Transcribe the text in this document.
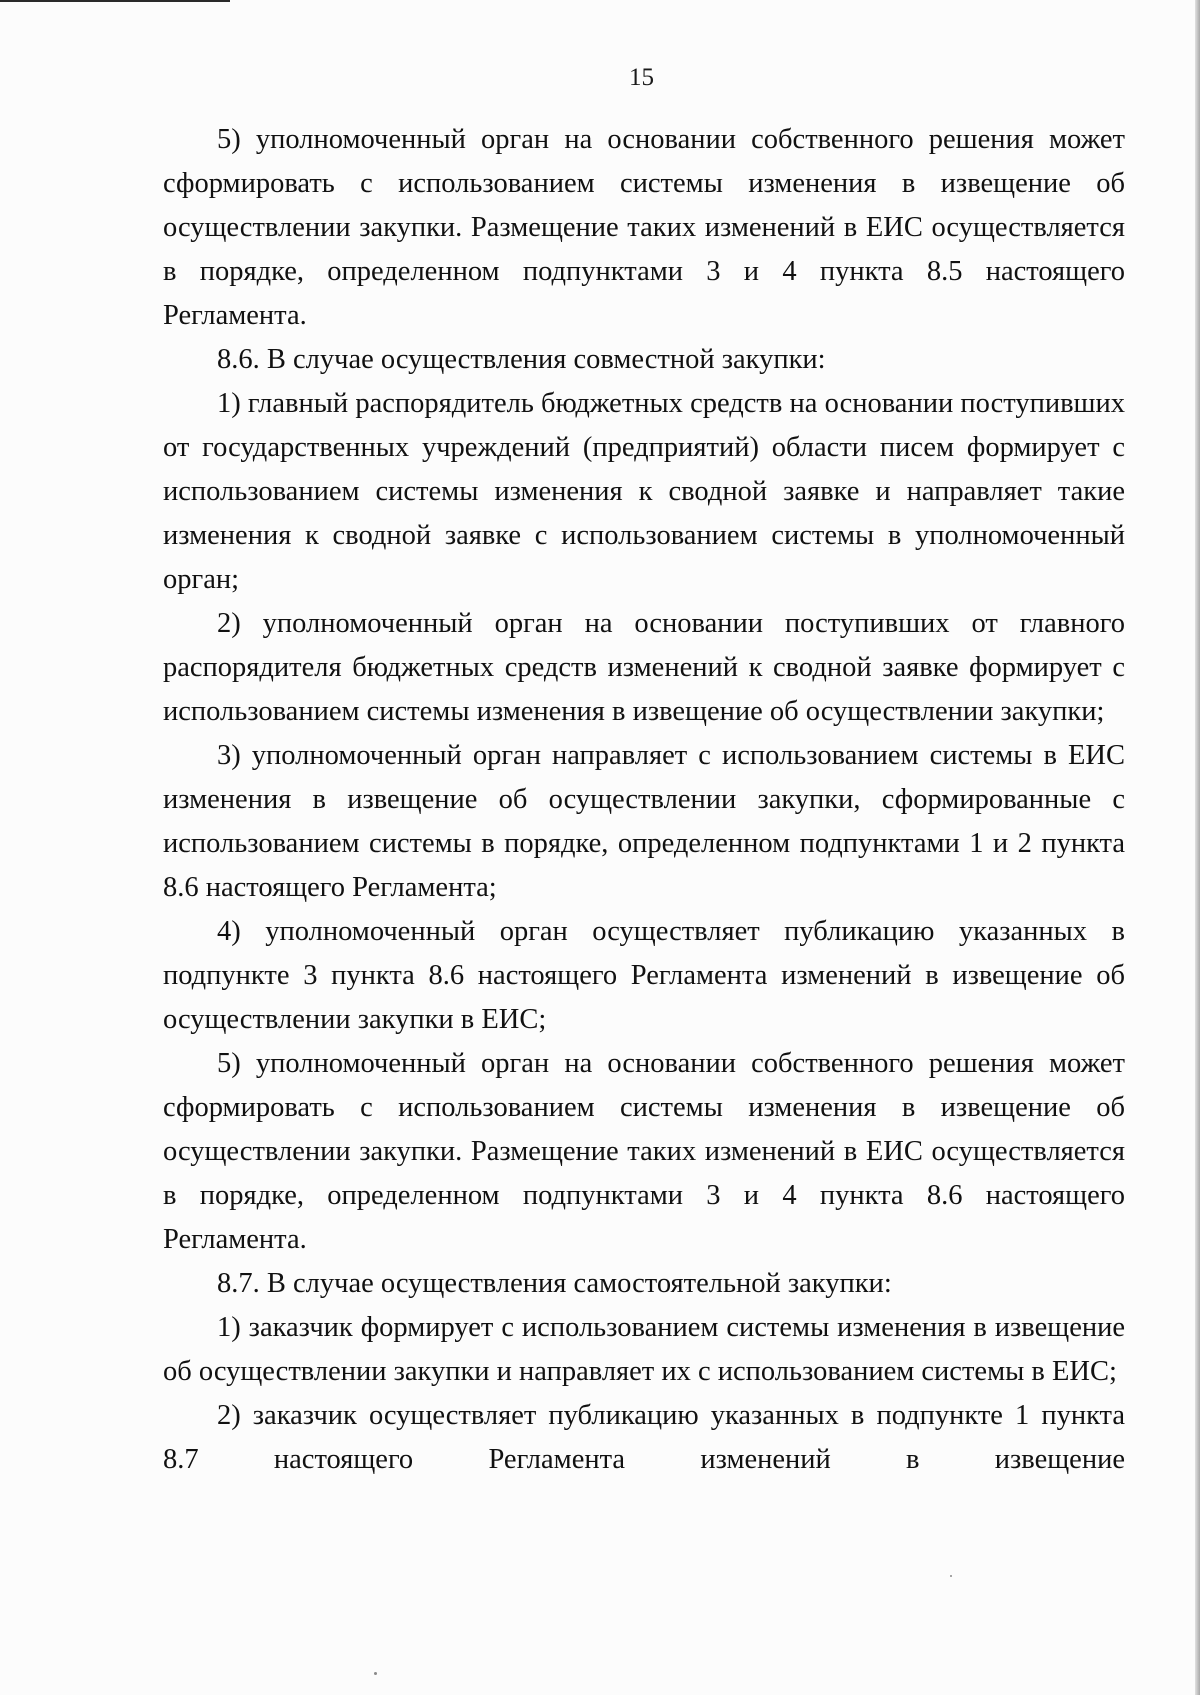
15

5) уполномоченный орган на основании собственного решения может сформировать с использованием системы изменения в извещение об осуществлении закупки. Размещение таких изменений в ЕИС осуществляется в порядке, определенном подпунктами 3 и 4 пункта 8.5 настоящего Регламента.

8.6. В случае осуществления совместной закупки:

1) главный распорядитель бюджетных средств на основании поступивших от государственных учреждений (предприятий) области писем формирует с использованием системы изменения к сводной заявке и направляет такие изменения к сводной заявке с использованием системы в уполномоченный орган;

2) уполномоченный орган на основании поступивших от главного распорядителя бюджетных средств изменений к сводной заявке формирует с использованием системы изменения в извещение об осуществлении закупки;

3) уполномоченный орган направляет с использованием системы в ЕИС изменения в извещение об осуществлении закупки, сформированные с использованием системы в порядке, определенном подпунктами 1 и 2 пункта 8.6 настоящего Регламента;

4) уполномоченный орган осуществляет публикацию указанных в подпункте 3 пункта 8.6 настоящего Регламента изменений в извещение об осуществлении закупки в ЕИС;

5) уполномоченный орган на основании собственного решения может сформировать с использованием системы изменения в извещение об осуществлении закупки. Размещение таких изменений в ЕИС осуществляется в порядке, определенном подпунктами 3 и 4 пункта 8.6 настоящего Регламента.

8.7. В случае осуществления самостоятельной закупки:

1) заказчик формирует с использованием системы изменения в извещение об осуществлении закупки и направляет их с использованием системы в ЕИС;

2) заказчик осуществляет публикацию указанных в подпункте 1 пункта 8.7 настоящего Регламента изменений в извещение
